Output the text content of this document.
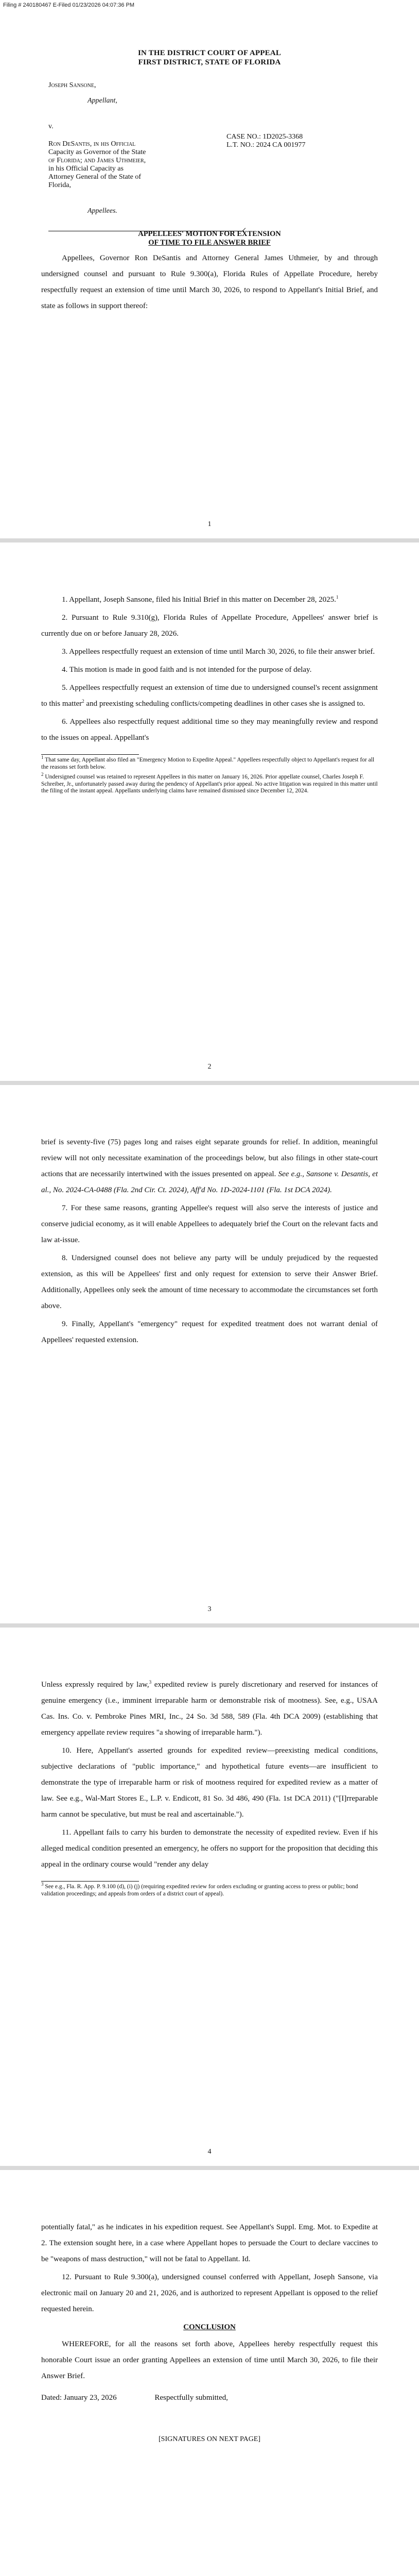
Filing # 240180467 E-Filed 01/23/2026 04:07:36 PM
IN THE DISTRICT COURT OF APPEAL
FIRST DISTRICT, STATE OF FLORIDA
Joseph Sansone,
Appellant,
v.
Ron DeSantis, in his Official
Capacity as Governor of the State
of Florida; and James Uthmeier,
in his Official Capacity as
Attorney General of the State of
Florida,
Appellees.
CASE NO.: 1D2025-3368
L.T. NO.: 2024 CA 001977
APPELLEES' MOTION FOR EXTENSION
OF TIME TO FILE ANSWER BRIEF

Appellees, Governor Ron DeSantis and Attorney General James Uthmeier, by and through undersigned counsel and pursuant to Rule 9.300(a), Florida Rules of Appellate Procedure, hereby respectfully request an extension of time until March 30, 2026, to respond to Appellant's Initial Brief, and state as follows in support thereof:

1

1. Appellant, Joseph Sansone, filed his Initial Brief in this matter on December 28, 2025.$^1$

2. Pursuant to Rule 9.310(g), Florida Rules of Appellate Procedure, Appellees' answer brief is currently due on or before January 28, 2026.

3. Appellees respectfully request an extension of time until March 30, 2026, to file their answer brief.

4. This motion is made in good faith and is not intended for the purpose of delay.

5. Appellees respectfully request an extension of time due to undersigned counsel's recent assignment to this matter$^2$ and preexisting scheduling conflicts/competing deadlines in other cases she is assigned to.

6. Appellees also respectfully request additional time so they may meaningfully review and respond to the issues on appeal. Appellant's

$^1$ That same day, Appellant also filed an "Emergency Motion to Expedite Appeal." Appellees respectfully object to Appellant's request for all the reasons set forth below.

$^2$ Undersigned counsel was retained to represent Appellees in this matter on January 16, 2026. Prior appellate counsel, Charles Joseph F. Schreiber, Jr., unfortunately passed away during the pendency of Appellant's prior appeal. No active litigation was required in this matter until the filing of the instant appeal. Appellants underlying claims have remained dismissed since December 12, 2024.

2

brief is seventy-five (75) pages long and raises eight separate grounds for relief. In addition, meaningful review will not only necessitate examination of the proceedings below, but also filings in other state-court actions that are necessarily intertwined with the issues presented on appeal. See e.g., Sansone v. Desantis, et al., No. 2024-CA-0488 (Fla. 2nd Cir. Ct. 2024), Aff'd No. 1D-2024-1101 (Fla. 1st DCA 2024).

7. For these same reasons, granting Appellee's request will also serve the interests of justice and conserve judicial economy, as it will enable Appellees to adequately brief the Court on the relevant facts and law at-issue.

8. Undersigned counsel does not believe any party will be unduly prejudiced by the requested extension, as this will be Appellees' first and only request for extension to serve their Answer Brief. Additionally, Appellees only seek the amount of time necessary to accommodate the circumstances set forth above.

9. Finally, Appellant's "emergency" request for expedited treatment does not warrant denial of Appellees' requested extension.

3

Unless expressly required by law,$^3$ expedited review is purely discretionary and reserved for instances of genuine emergency (i.e., imminent irreparable harm or demonstrable risk of mootness). See, e.g., USAA Cas. Ins. Co. v. Pembroke Pines MRI, Inc., 24 So. 3d 588, 589 (Fla. 4th DCA 2009) (establishing that emergency appellate review requires "a showing of irreparable harm.").

10. Here, Appellant's asserted grounds for expedited review—preexisting medical conditions, subjective declarations of "public importance," and hypothetical future events—are insufficient to demonstrate the type of irreparable harm or risk of mootness required for expedited review as a matter of law. See e.g., Wal-Mart Stores E., L.P. v. Endicott, 81 So. 3d 486, 490 (Fla. 1st DCA 2011) ("[I]rreparable harm cannot be speculative, but must be real and ascertainable.").

11. Appellant fails to carry his burden to demonstrate the necessity of expedited review. Even if his alleged medical condition presented an emergency, he offers no support for the proposition that deciding this appeal in the ordinary course would "render any delay

$^3$ See e.g., Fla. R. App. P. 9.100 (d), (i) (j) (requiring expedited review for orders excluding or granting access to press or public; bond validation proceedings; and appeals from orders of a district court of appeal).

4

potentially fatal," as he indicates in his expedition request. See Appellant's Suppl. Emg. Mot. to Expedite at 2. The extension sought here, in a case where Appellant hopes to persuade the Court to declare vaccines to be "weapons of mass destruction," will not be fatal to Appellant. Id.

12. Pursuant to Rule 9.300(a), undersigned counsel conferred with Appellant, Joseph Sansone, via electronic mail on January 20 and 21, 2026, and is authorized to represent Appellant is opposed to the relief requested herein.

CONCLUSION

WHEREFORE, for all the reasons set forth above, Appellees hereby respectfully request this honorable Court issue an order granting Appellees an extension of time until March 30, 2026, to file their Answer Brief.

Dated: January 23, 2026	Respectfully submitted,
[SIGNATURES ON NEXT PAGE]
